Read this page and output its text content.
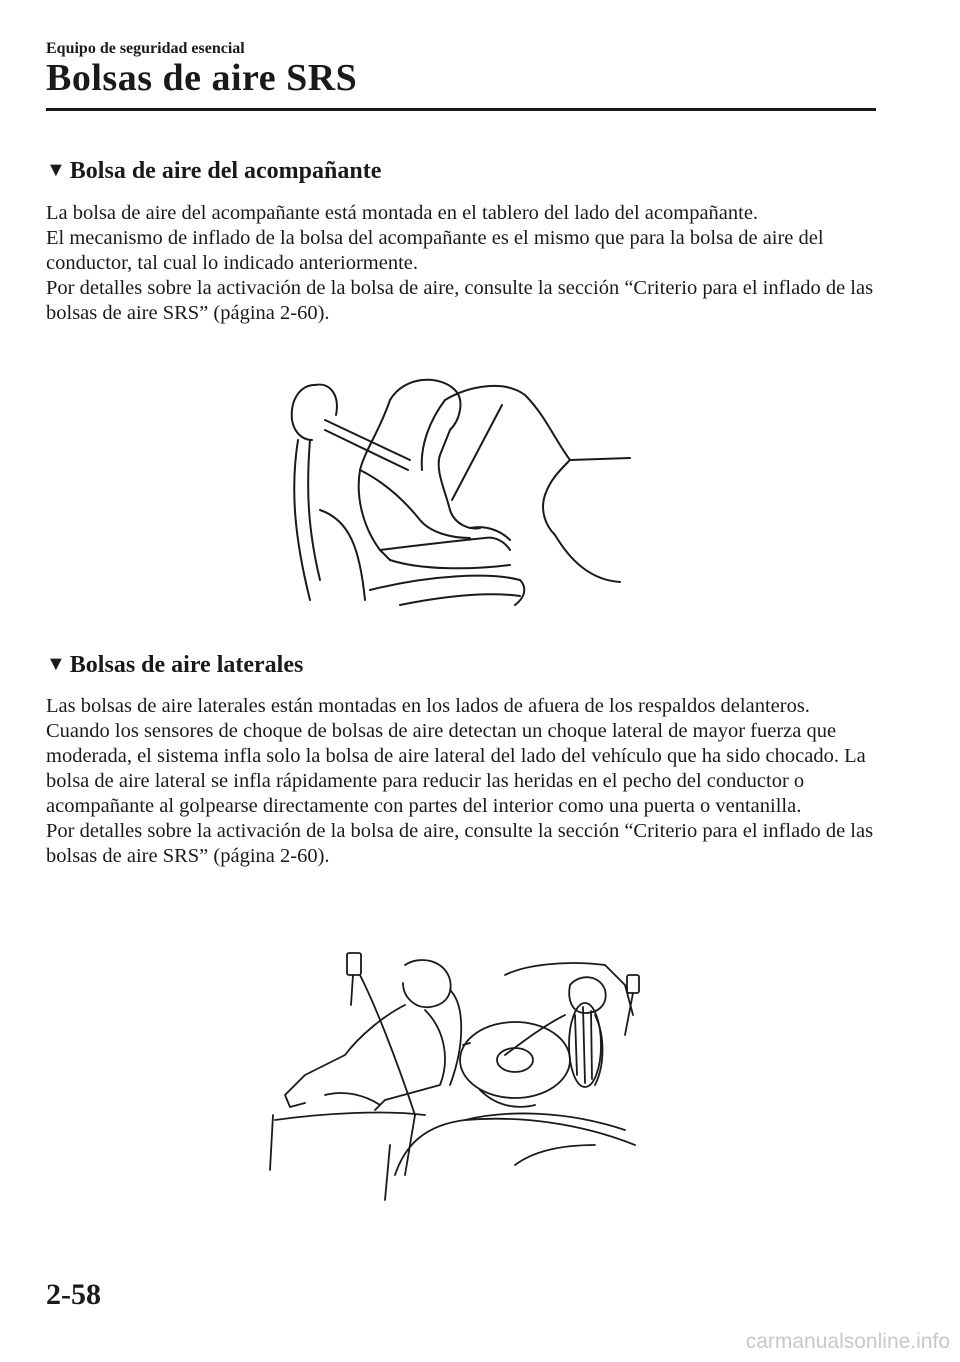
Equipo de seguridad esencial
Bolsas de aire SRS
▼ Bolsa de aire del acompañante

La bolsa de aire del acompañante está montada en el tablero del lado del acompañante.

El mecanismo de inflado de la bolsa del acompañante es el mismo que para la bolsa de aire del conductor, tal cual lo indicado anteriormente.

Por detalles sobre la activación de la bolsa de aire, consulte la sección “Criterio para el inflado de las bolsas de aire SRS” (página 2-60).

▼ Bolsas de aire laterales

Las bolsas de aire laterales están montadas en los lados de afuera de los respaldos delanteros.

Cuando los sensores de choque de bolsas de aire detectan un choque lateral de mayor fuerza que moderada, el sistema infla solo la bolsa de aire lateral del lado del vehículo que ha sido chocado. La bolsa de aire lateral se infla rápidamente para reducir las heridas en el pecho del conductor o acompañante al golpearse directamente con partes del interior como una puerta o ventanilla.

Por detalles sobre la activación de la bolsa de aire, consulte la sección “Criterio para el inflado de las bolsas de aire SRS” (página 2-60).

2-58
carmanualsonline.info
